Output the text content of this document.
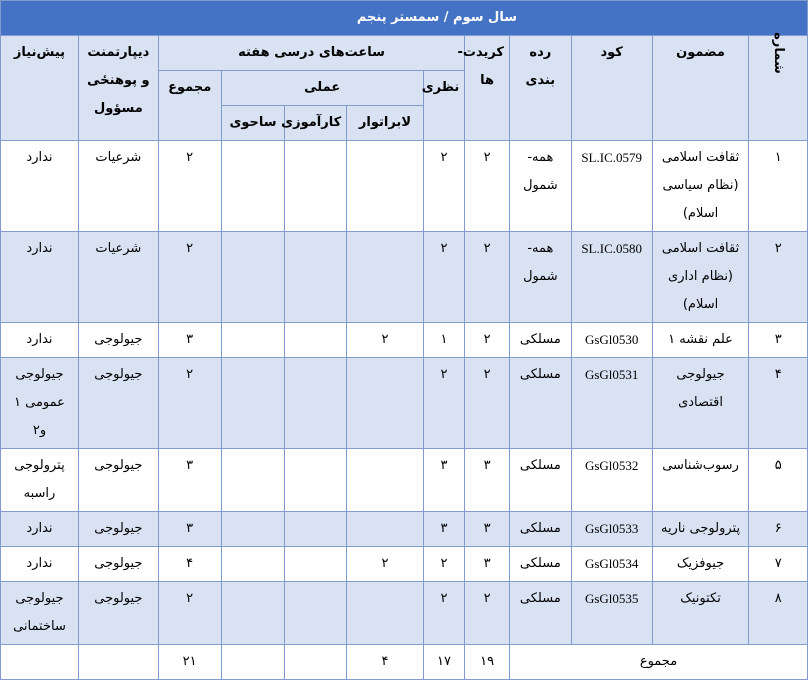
سال سوم / سمستر پنجم											
شماره	مضمون	کود	رده بندی	کریدت-ها	ساعت‌های درسی هفته					دیپارتمنت و پوهنځی مسؤول	پیش‌نیاز
					نظری	عملی			مجموع		
						لابراتوار	کارآموزی	ساحوی			
١	ثقافت اسلامی (نظام سیاسی اسلام)	SL.IC.0579	همه-شمول	٢	٢				٢	شرعیات	ندارد
٢	ثقافت اسلامی (نظام اداری اسلام)	SL.IC.0580	همه-شمول	٢	٢				٢	شرعیات	ندارد
٣	علم نقشه ١	GsGl0530	مسلکی	٢	١	٢			٣	جیولوجی	ندارد
۴	جیولوجی اقتصادی	GsGl0531	مسلکی	٢	٢				٢	جیولوجی	جیولوجی عمومی ١ و٢
۵	رسوب‌شناسی	GsGl0532	مسلکی	٣	٣				٣	جیولوجی	پترولوجی راسبه
۶	پترولوجی ناریه	GsGl0533	مسلکی	٣	٣				٣	جیولوجی	ندارد
٧	جیوفزیک	GsGl0534	مسلکی	٣	٢	٢			۴	جیولوجی	ندارد
٨	تکتونیک	GsGl0535	مسلکی	٢	٢				٢	جیولوجی	جیولوجی ساختمانی
مجموع				١٩	١٧	۴			٢١		
